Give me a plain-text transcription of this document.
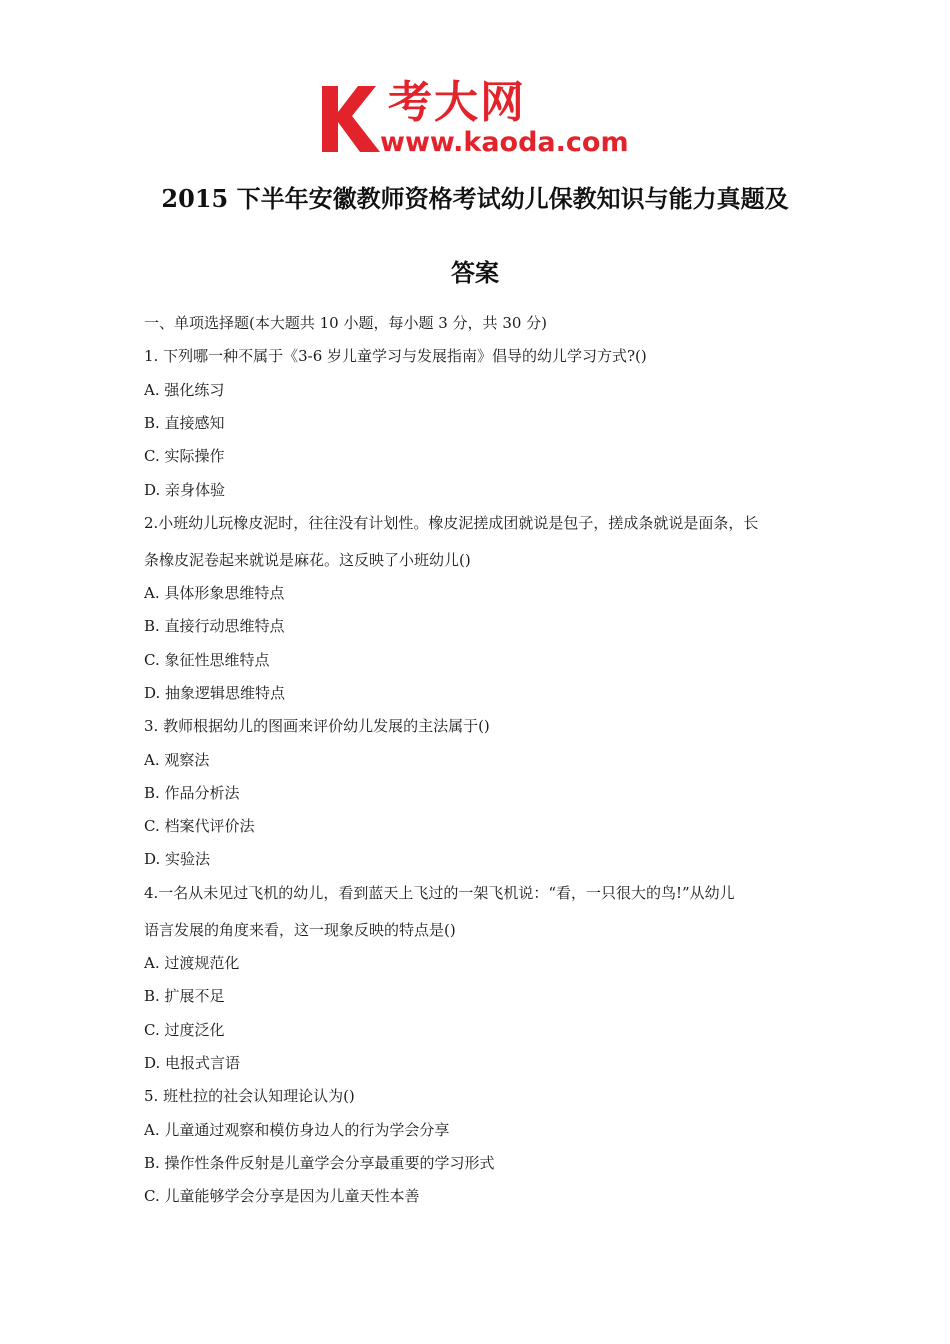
考大网
www.kaoda.com
2015 下半年安徽教师资格考试幼儿保教知识与能力真题及
答案
一、单项选择题(本大题共 10 小题，每小题 3 分，共 30 分)
1. 下列哪一种不属于《3-6 岁儿童学习与发展指南》倡导的幼儿学习方式?()
A. 强化练习
B. 直接感知
C. 实际操作
D. 亲身体验
2.小班幼儿玩橡皮泥时，往往没有计划性。橡皮泥搓成团就说是包子，搓成条就说是面条，长
条橡皮泥卷起来就说是麻花。这反映了小班幼儿()
A. 具体形象思维特点
B. 直接行动思维特点
C. 象征性思维特点
D. 抽象逻辑思维特点
3. 教师根据幼儿的图画来评价幼儿发展的主法属于()
A. 观察法
B. 作品分析法
C. 档案代评价法
D. 实验法
4.一名从未见过飞机的幼儿，看到蓝天上飞过的一架飞机说：“看，一只很大的鸟!”从幼儿
语言发展的角度来看，这一现象反映的特点是()
A. 过渡规范化
B. 扩展不足
C. 过度泛化
D. 电报式言语
5. 班杜拉的社会认知理论认为()
A. 儿童通过观察和模仿身边人的行为学会分享
B. 操作性条件反射是儿童学会分享最重要的学习形式
C. 儿童能够学会分享是因为儿童天性本善
